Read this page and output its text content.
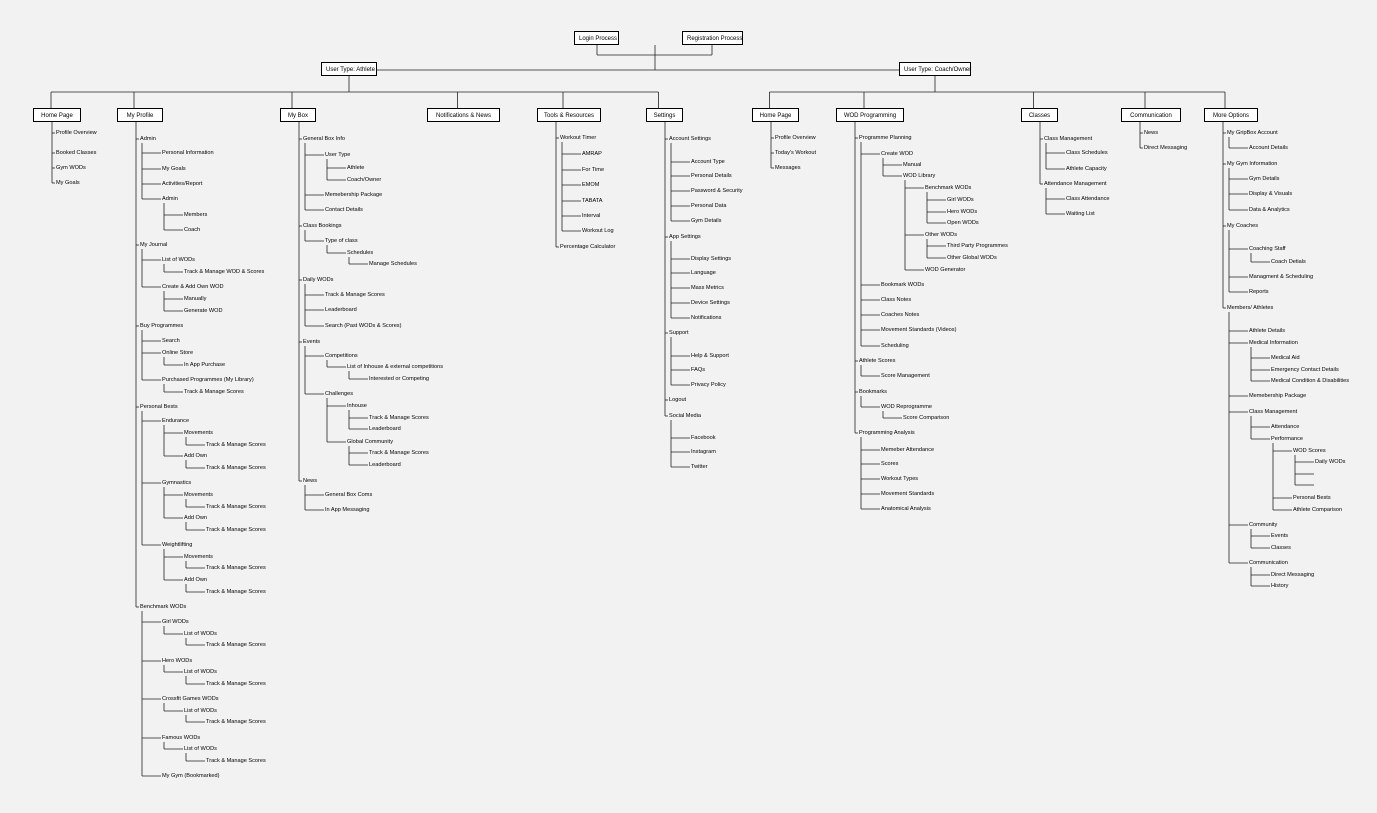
Login Process	Registration Process
User Type: Athlete	User Type: Coach/Owner
Profile Overview
Booked Classes
Gym WODs
My Goals
Admin
Personal Information
My Goals
Activities/Report
Admin
Members
Coach
My Journal
List of WODs
Track & Manage WOD & Scores
Create & Add Own WOD
Manually
Generate WOD
Buy Programmes
Search
Online Store
In App Purchase
Purchased Programmes (My Library)
Track & Manage Scores
Personal Bests
Endurance
Movements
Track & Manage Scores
Add Own
Track & Manage Scores
Gymnastics
Movements
Track & Manage Scores
Add Own
Track & Manage Scores
Weightlifting
Movements
Track & Manage Scores
Add Own
Track & Manage Scores
Benchmark WODs
Girl WODs
List of WODs
Track & Manage Scores
Hero WODs
List of WODs
Track & Manage Scores
Crossfit Games WODs
List of WODs
Track & Manage Scores
Famous WODs
List of WODs
Track & Manage Scores
My Gym (Bookmarked)
General Box Info
User Type
Athlete
Coach/Owner
Memebership Package
Contact Details
Class Bookings
Type of class
Schedules
Manage Schedules
Daily WODs
Track & Manage Scores
Leaderboard
Search (Past WODs & Scores)
Events
Competitions
List of Inhouse & external competitions
Interested or Competing
Challenges
Inhouse
Track & Manage Scores
Leaderboard
Global Community
Track & Manage Scores
Leaderboard
News
General Box Coms
In App Messaging
Workout Timer
AMRAP
For Time
EMOM
TABATA
Interval
Workout Log
Percentage Calculator
Account Settings
Account Type
Personal Details
Password & Security
Personal Data
Gym Details
App Settings
Display Settings
Language
Mass Metrics
Device Settings
Notifications
Support
Help & Support
FAQs
Privacy Policy
Logout
Social Media
Facebook
Instagram
Twitter
Profile Overview
Today's Workout
Messages
Programme Planning
Create WOD
Manual
WOD Library
Benchmark WODs
Girl WODs
Hero WODs
Open WODs
Other WODs
Third Party Programmes
Other Global WODs
WOD Generator
Bookmark WODs
Class Notes
Coaches Notes
Movement Standards (Videos)
Scheduling
Athlete Scores
Score Management
Bookmarks
WOD Reprogramme
Score Comparison
Programming Analysis
Memeber Attendance
Scores
Workout Types
Movement Standards
Anatomical Analysis
Class Management
Class Schedules
Athlete Capacity
Attendance Management
Class Attendance
Waiting List
News
Direct Messaging
My GripBox Account
Account Details
My Gym Information
Gym Details
Display & Visuals
Data & Analytics
My Coaches
Coaching Staff
Coach Detials
Managment & Scheduling
Reports
Members/ Athletes
Athlete Details
Medical Information
Medical Aid
Emergency Contact Details
Medical Condition & Disabilities
Memebership Package
Class Management
Attendance
Performance
WOD Scores
Daily WODs
Personal Bests
Athlete Comparison
Community
Events
Classes
Communication
Direct Messaging
History
Home Page	My Profile	My Box	Notifications & News	Tools & Resources	Settings	Home Page	WOD Programming	Classes	Communication	More Options
